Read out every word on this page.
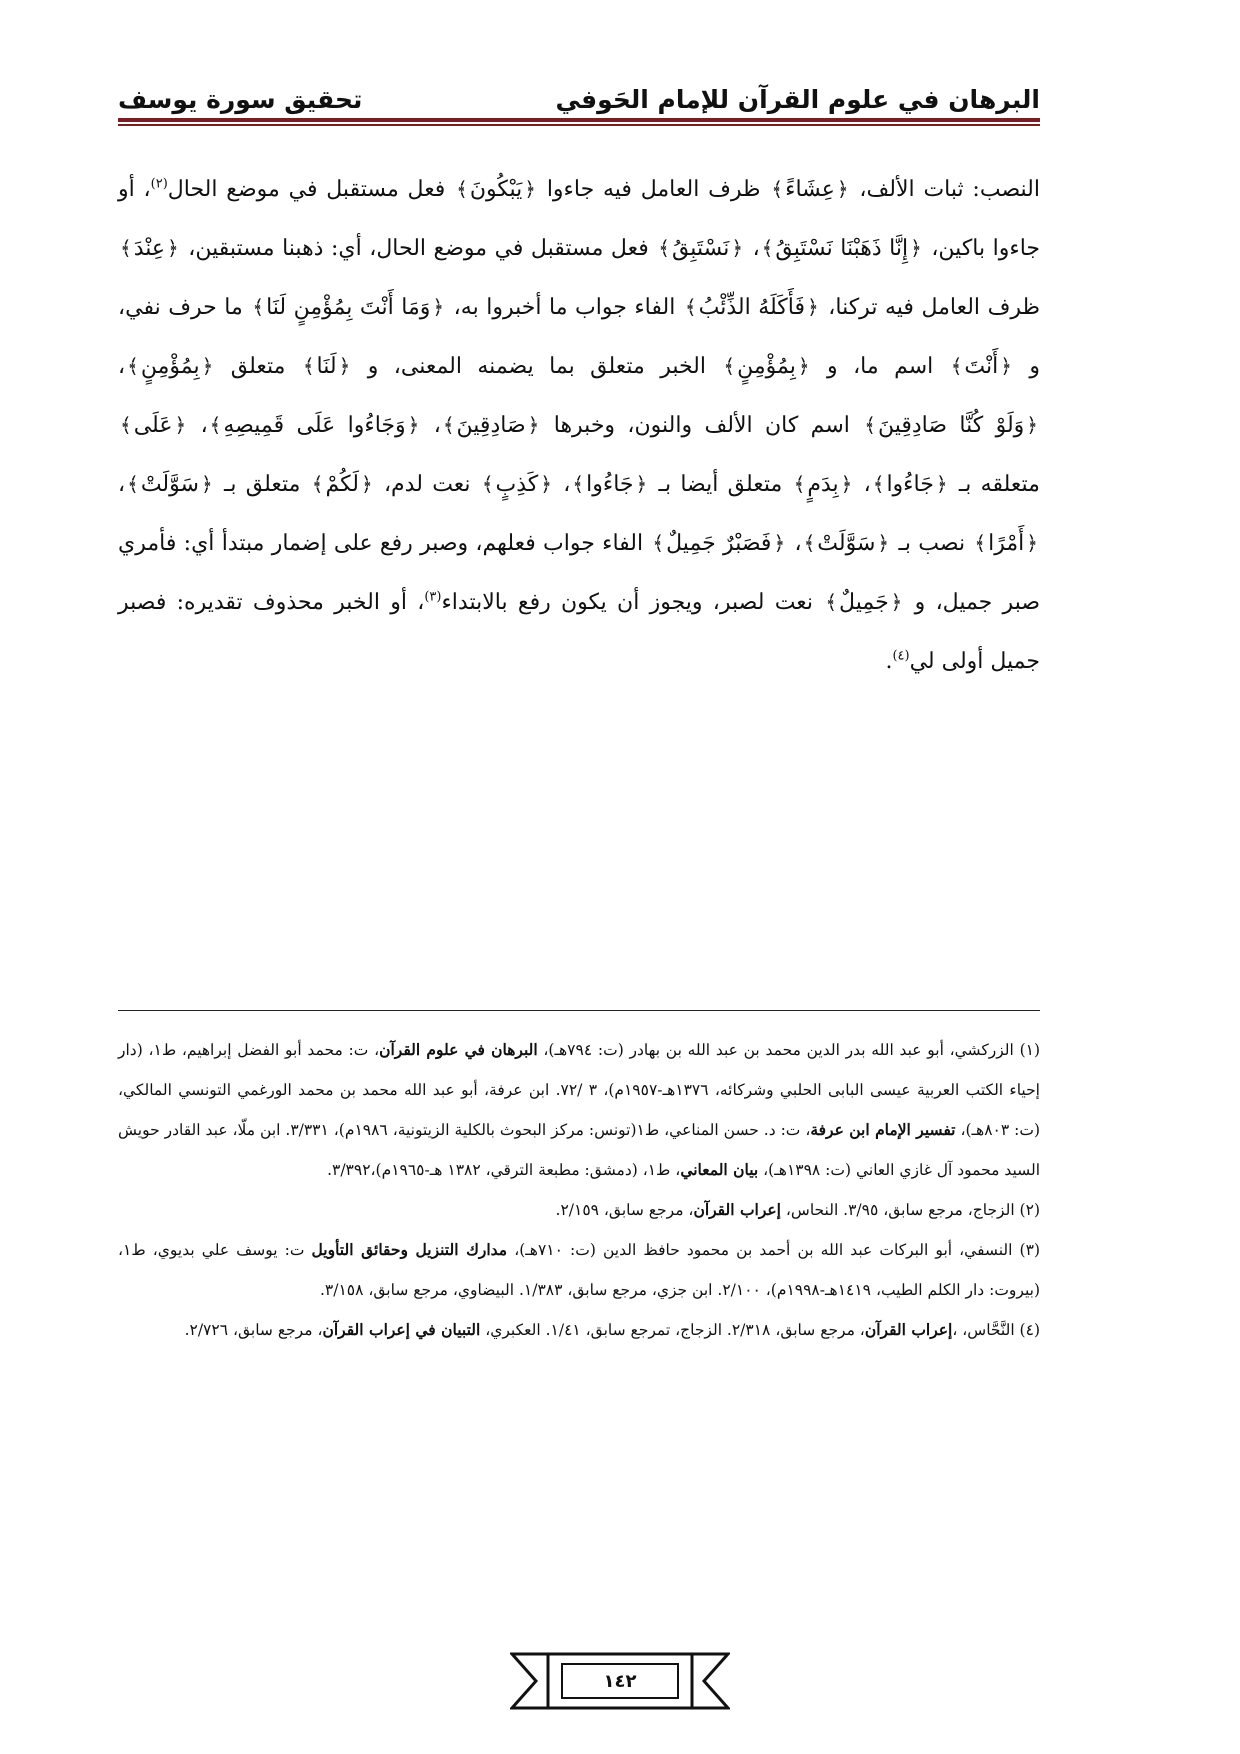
البرهان في علوم القرآن للإمام الحَوفي
تحقيق سورة يوسف

النصب: ثبات الألف، ﴿عِشَاءً﴾ ظرف العامل فيه جاءوا ﴿يَبْكُونَ﴾ فعل مستقبل في موضع الحال$^{(٢)}$، أو جاءوا باكين، ﴿إِنَّا ذَهَبْنَا نَسْتَبِقُ﴾، ﴿نَسْتَبِقُ﴾ فعل مستقبل في موضع الحال، أي: ذهبنا مستبقين، ﴿عِنْدَ﴾ ظرف العامل فيه تركنا، ﴿فَأَكَلَهُ الذِّئْبُ﴾ الفاء جواب ما أخبروا به، ﴿وَمَا أَنْتَ بِمُؤْمِنٍ لَنَا﴾ ما حرف نفي، و ﴿أَنْتَ﴾ اسم ما، و ﴿بِمُؤْمِنٍ﴾ الخبر متعلق بما يضمنه المعنى، و ﴿لَنَا﴾ متعلق ﴿بِمُؤْمِنٍ﴾، ﴿وَلَوْ كُنَّا صَادِقِينَ﴾ اسم كان الألف والنون، وخبرها ﴿صَادِقِينَ﴾، ﴿وَجَاءُوا عَلَى قَمِيصِهِ﴾، ﴿عَلَى﴾ متعلقه بـ ﴿جَاءُوا﴾، ﴿بِدَمٍ﴾ متعلق أيضا بـ ﴿جَاءُوا﴾، ﴿كَذِبٍ﴾ نعت لدم، ﴿لَكُمْ﴾ متعلق بـ ﴿سَوَّلَتْ﴾، ﴿أَمْرًا﴾ نصب بـ ﴿سَوَّلَتْ﴾، ﴿فَصَبْرٌ جَمِيلٌ﴾ الفاء جواب فعلهم، وصبر رفع على إضمار مبتدأ أي: فأمري صبر جميل، و ﴿جَمِيلٌ﴾ نعت لصبر، ويجوز أن يكون رفع بالابتداء$^{(٣)}$، أو الخبر محذوف تقديره: فصبر جميل أولى لي$^{(٤)}$.

(١) الزركشي، أبو عبد الله بدر الدين محمد بن عبد الله بن بهادر (ت: ٧٩٤هـ)، البرهان في علوم القرآن، ت: محمد أبو الفضل إبراهيم، ط١، (دار إحياء الكتب العربية عيسى البابى الحلبي وشركائه، ١٣٧٦هـ-١٩٥٧م)، ٣ /٧٢. ابن عرفة، أبو عبد الله محمد بن محمد الورغمي التونسي المالكي، (ت: ٨٠٣هـ)، تفسير الإمام ابن عرفة، ت: د. حسن المناعي، ط١(تونس: مركز البحوث بالكلية الزيتونية، ١٩٨٦م)، ٣/٣٣١. ابن ملّا، عبد القادر حويش السيد محمود آل غازي العاني (ت: ١٣٩٨هـ)، بيان المعاني، ط١، (دمشق: مطبعة الترقي، ١٣٨٢ هـ-١٩٦٥م)،٣/٣٩٢.

(٢) الزجاج، مرجع سابق، ٣/٩٥. النحاس، إعراب القرآن، مرجع سابق، ٢/١٥٩.

(٣) النسفي، أبو البركات عبد الله بن أحمد بن محمود حافظ الدين (ت: ٧١٠هـ)، مدارك التنزيل وحقائق التأويل ت: يوسف علي بديوي، ط١، (بيروت: دار الكلم الطيب، ١٤١٩هـ-١٩٩٨م)، ٢/١٠٠. ابن جزي، مرجع سابق، ١/٣٨٣. البيضاوي، مرجع سابق، ٣/١٥٨.

(٤) النَّحَّاس، ،إعراب القرآن، مرجع سابق، ٢/٣١٨. الزجاج، تمرجع سابق، ١/٤١. العكبري، التبيان في إعراب القرآن، مرجع سابق، ٢/٧٢٦.

١٤٢
